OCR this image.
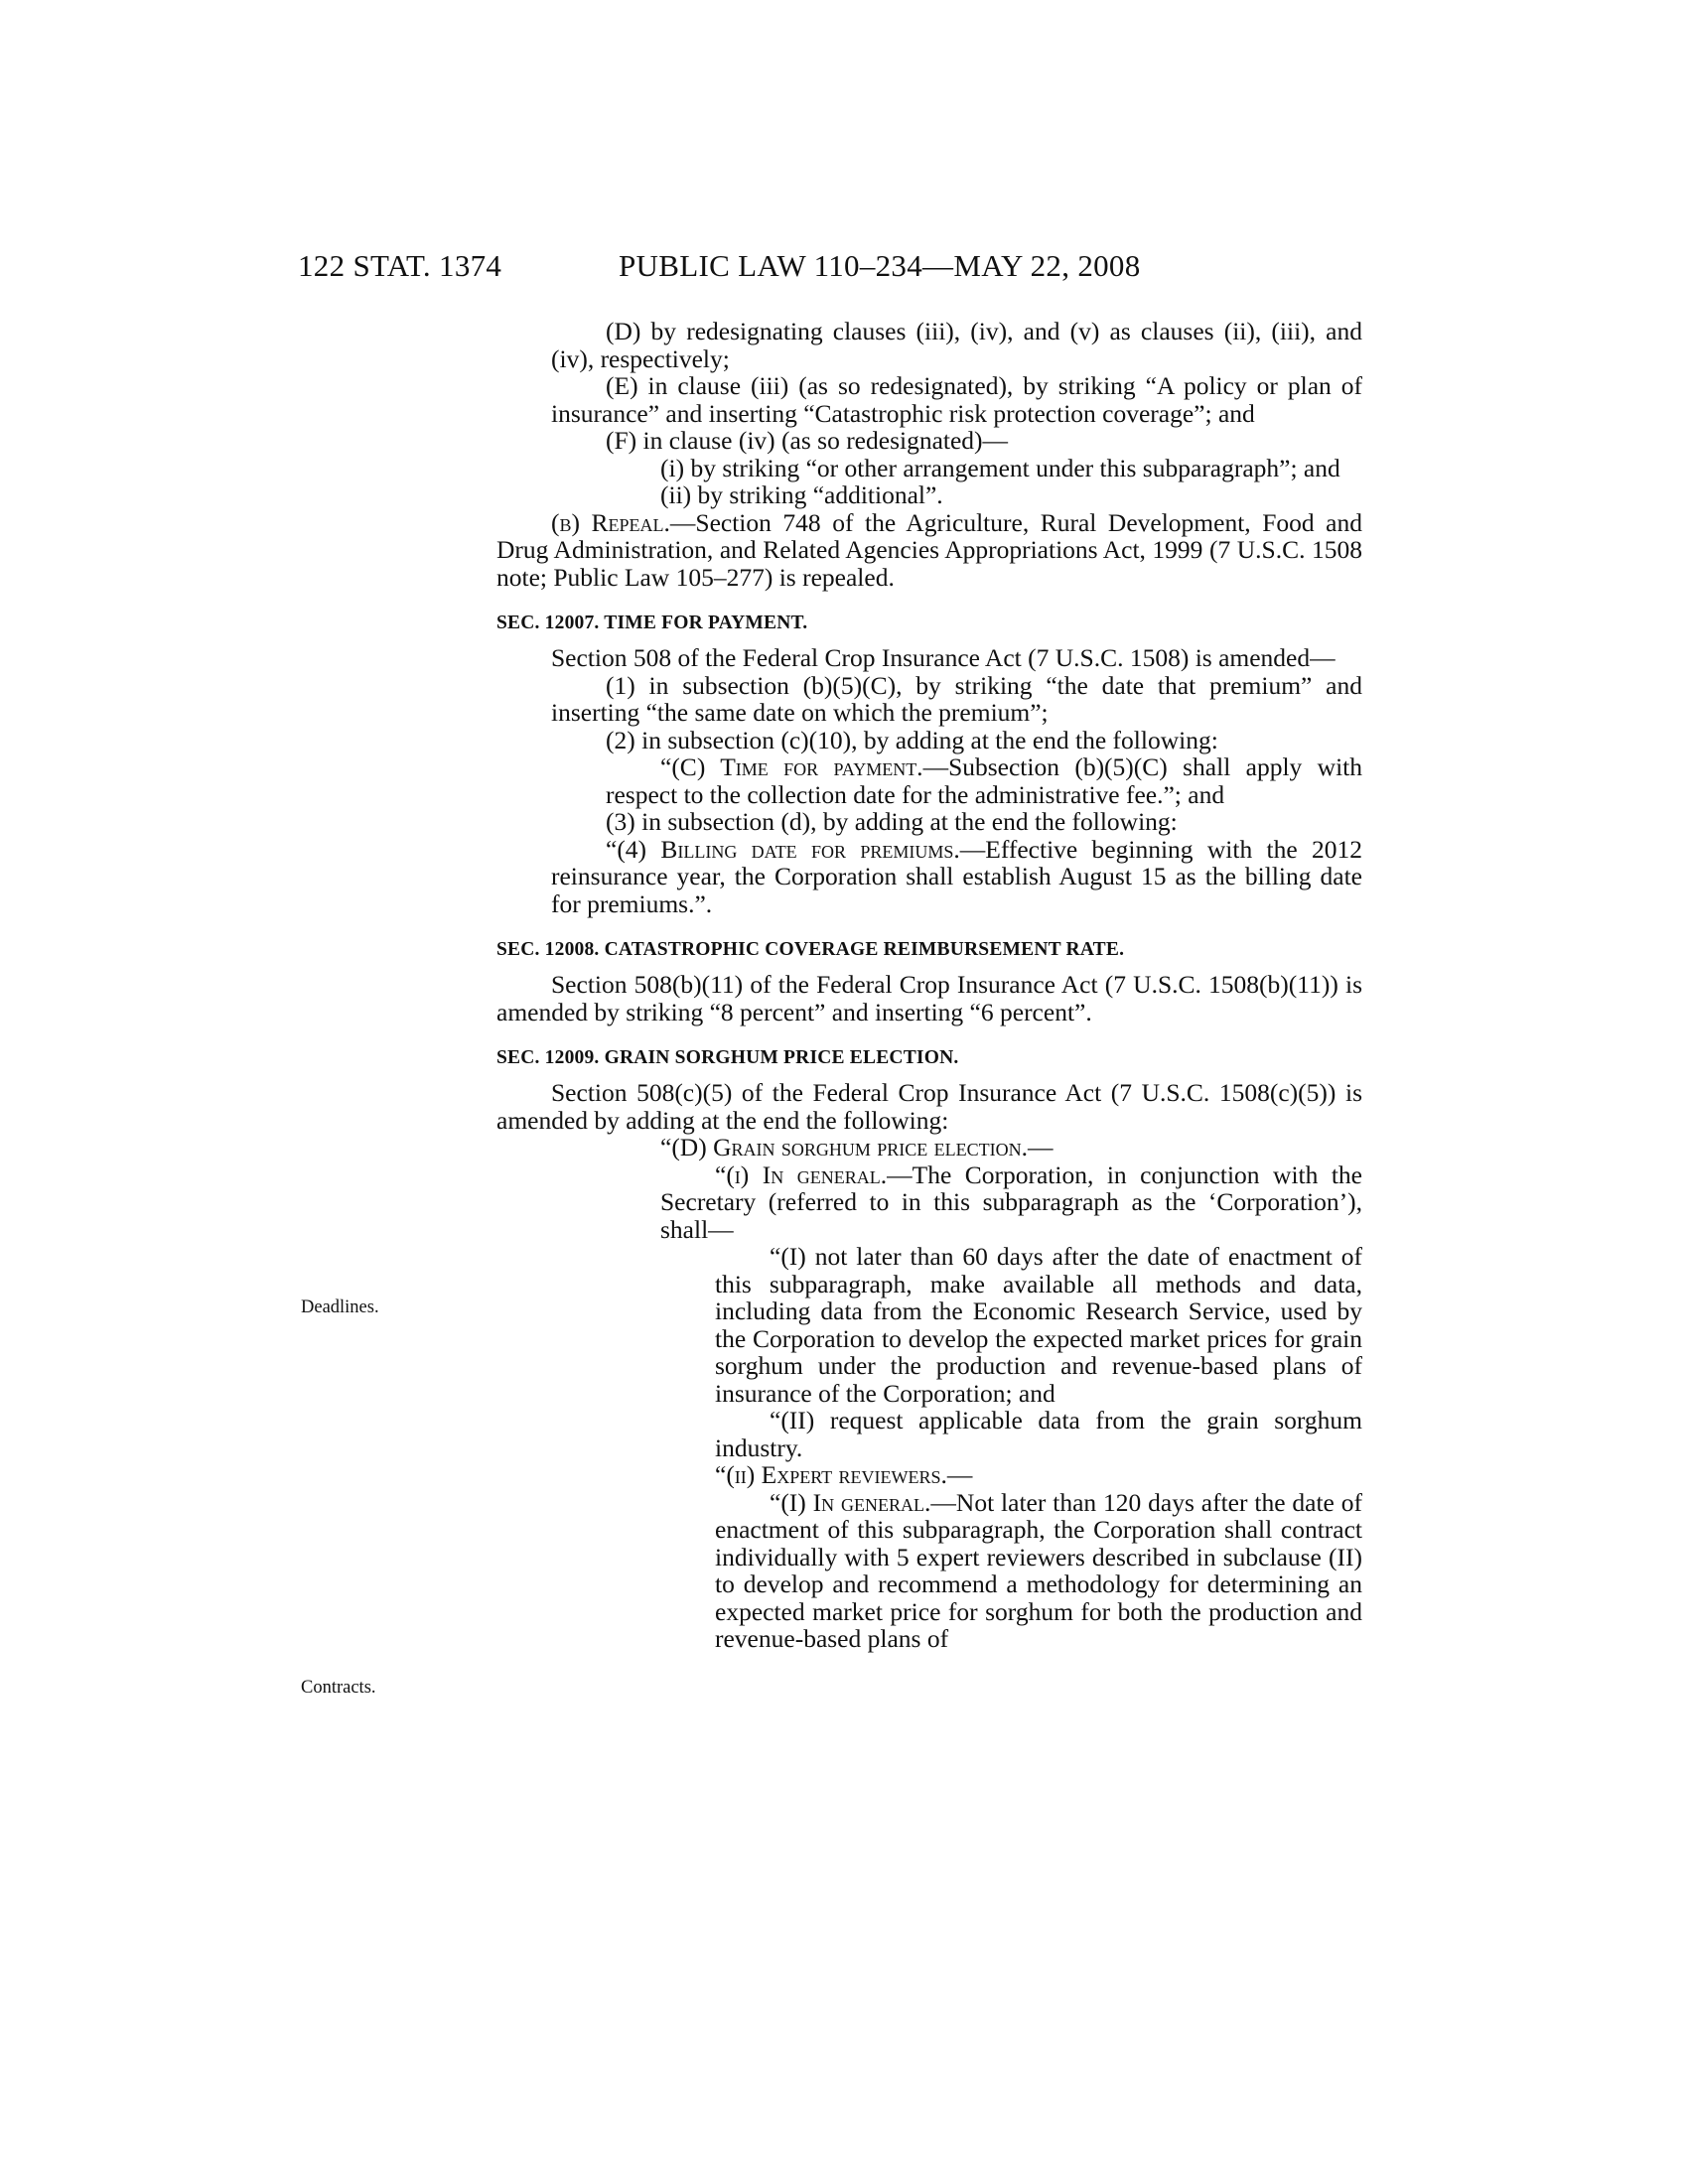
122 STAT. 1374	PUBLIC LAW 110–234—MAY 22, 2008
Deadlines.
Contracts.

(D) by redesignating clauses (iii), (iv), and (v) as clauses (ii), (iii), and (iv), respectively;

(E) in clause (iii) (as so redesignated), by striking “A policy or plan of insurance” and inserting “Catastrophic risk protection coverage”; and

(F) in clause (iv) (as so redesignated)—

(i) by striking “or other arrangement under this subparagraph”; and

(ii) by striking “additional”.

(b) Repeal.—Section 748 of the Agriculture, Rural Development, Food and Drug Administration, and Related Agencies Appropriations Act, 1999 (7 U.S.C. 1508 note; Public Law 105–277) is repealed.

SEC. 12007. TIME FOR PAYMENT.

Section 508 of the Federal Crop Insurance Act (7 U.S.C. 1508) is amended—

(1) in subsection (b)(5)(C), by striking “the date that premium” and inserting “the same date on which the premium”;

(2) in subsection (c)(10), by adding at the end the following:

“(C) Time for payment.—Subsection (b)(5)(C) shall apply with respect to the collection date for the administrative fee.”; and

(3) in subsection (d), by adding at the end the following:

“(4) Billing date for premiums.—Effective beginning with the 2012 reinsurance year, the Corporation shall establish August 15 as the billing date for premiums.”.

SEC. 12008. CATASTROPHIC COVERAGE REIMBURSEMENT RATE.

Section 508(b)(11) of the Federal Crop Insurance Act (7 U.S.C. 1508(b)(11)) is amended by striking “8 percent” and inserting “6 percent”.

SEC. 12009. GRAIN SORGHUM PRICE ELECTION.

Section 508(c)(5) of the Federal Crop Insurance Act (7 U.S.C. 1508(c)(5)) is amended by adding at the end the following:

“(D) Grain sorghum price election.—

“(i) In general.—The Corporation, in conjunction with the Secretary (referred to in this subparagraph as the ‘Corporation’), shall—

“(I) not later than 60 days after the date of enactment of this subparagraph, make available all methods and data, including data from the Economic Research Service, used by the Corporation to develop the expected market prices for grain sorghum under the production and revenue-based plans of insurance of the Corporation; and

“(II) request applicable data from the grain sorghum industry.

“(ii) Expert reviewers.—

“(I) In general.—Not later than 120 days after the date of enactment of this subparagraph, the Corporation shall contract individually with 5 expert reviewers described in subclause (II) to develop and recommend a methodology for determining an expected market price for sorghum for both the production and revenue-based plans of
